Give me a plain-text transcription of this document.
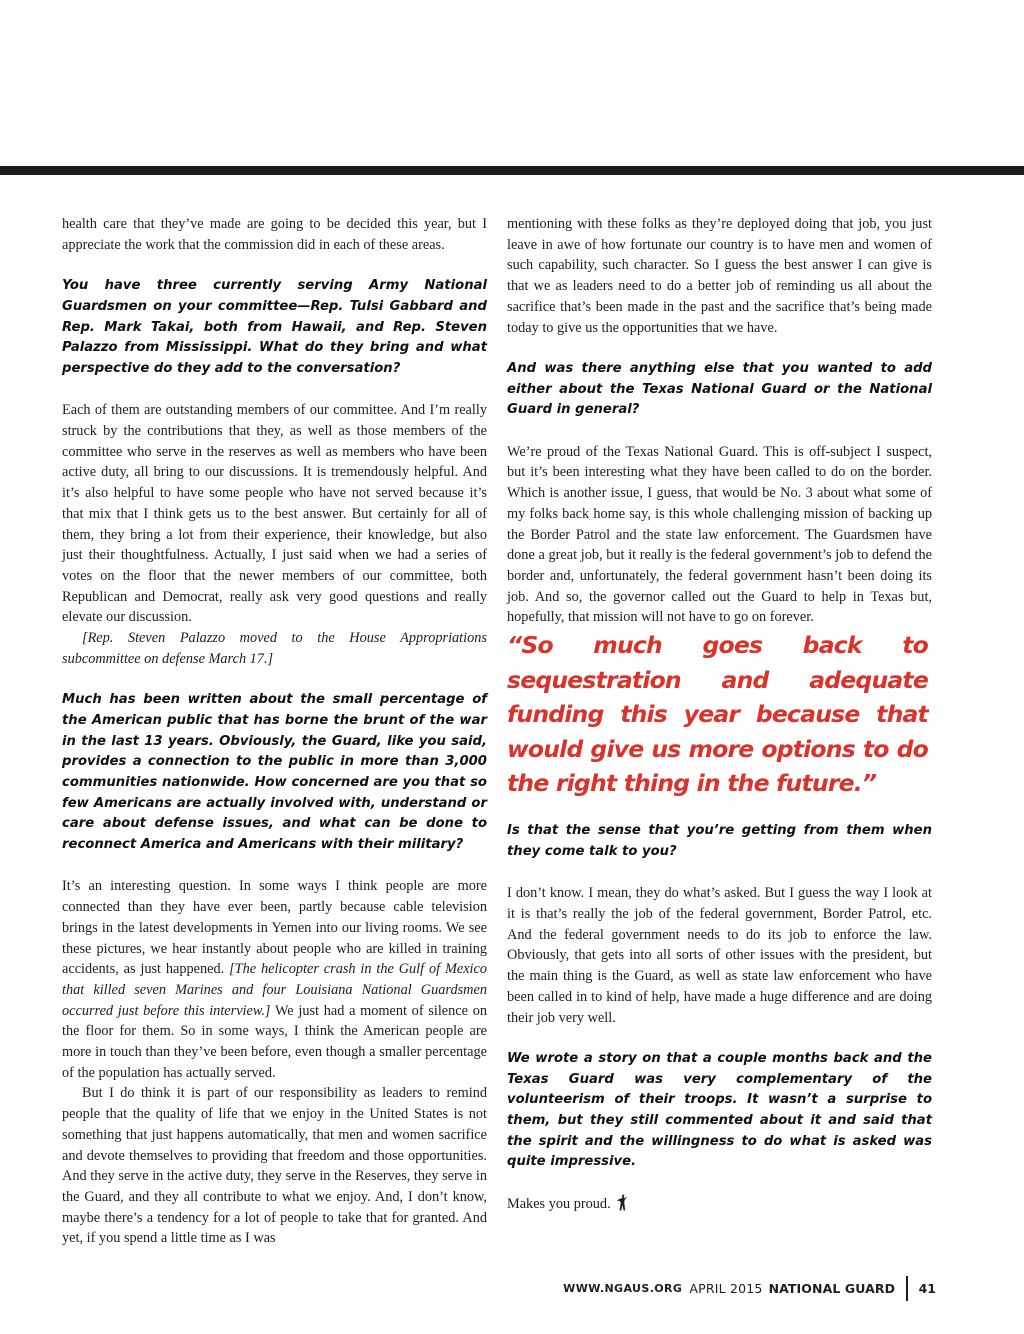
health care that they’ve made are going to be decided this year, but I appreciate the work that the commission did in each of these areas.

You have three currently serving Army National Guardsmen on your committee—Rep. Tulsi Gabbard and Rep. Mark Takai, both from Hawaii, and Rep. Steven Palazzo from Mississippi. What do they bring and what perspective do they add to the conversation?

Each of them are outstanding members of our committee. And I’m really struck by the contributions that they, as well as those members of the committee who serve in the reserves as well as members who have been active duty, all bring to our discussions. It is tremendously helpful. And it’s also helpful to have some people who have not served because it’s that mix that I think gets us to the best answer. But certainly for all of them, they bring a lot from their experience, their knowledge, but also just their thoughtfulness. Actually, I just said when we had a series of votes on the floor that the newer members of our committee, both Republican and Democrat, really ask very good questions and really elevate our discussion.

[Rep. Steven Palazzo moved to the House Appropriations subcommittee on defense March 17.]

Much has been written about the small percentage of the American public that has borne the brunt of the war in the last 13 years. Obviously, the Guard, like you said, provides a connection to the public in more than 3,000 communities nationwide. How concerned are you that so few Americans are actually involved with, understand or care about defense issues, and what can be done to reconnect America and Americans with their military?

It’s an interesting question. In some ways I think people are more connected than they have ever been, partly because cable television brings in the latest developments in Yemen into our living rooms. We see these pictures, we hear instantly about people who are killed in training accidents, as just happened. [The helicopter crash in the Gulf of Mexico that killed seven Marines and four Louisiana National Guardsmen occurred just before this interview.] We just had a moment of silence on the floor for them. So in some ways, I think the American people are more in touch than they’ve been before, even though a smaller percentage of the population has actually served.

But I do think it is part of our responsibility as leaders to remind people that the quality of life that we enjoy in the United States is not something that just happens automatically, that men and women sacrifice and devote themselves to providing that freedom and those opportunities. And they serve in the active duty, they serve in the Reserves, they serve in the Guard, and they all contribute to what we enjoy. And, I don’t know, maybe there’s a tendency for a lot of people to take that for granted. And yet, if you spend a little time as I was

mentioning with these folks as they’re deployed doing that job, you just leave in awe of how fortunate our country is to have men and women of such capability, such character. So I guess the best answer I can give is that we as leaders need to do a better job of reminding us all about the sacrifice that’s been made in the past and the sacrifice that’s being made today to give us the opportunities that we have.

And was there anything else that you wanted to add either about the Texas National Guard or the National Guard in general?

We’re proud of the Texas National Guard. This is off-subject I suspect, but it’s been interesting what they have been called to do on the border. Which is another issue, I guess, that would be No. 3 about what some of my folks back home say, is this whole challenging mission of backing up the Border Patrol and the state law enforcement. The Guardsmen have done a great job, but it really is the federal government’s job to defend the border and, unfortunately, the federal government hasn’t been doing its job. And so, the governor called out the Guard to help in Texas but, hopefully, that mission will not have to go on forever.

“So much goes back to sequestration and adequate funding this year because that would give us more options to do the right thing in the future.”

Is that the sense that you’re getting from them when they come talk to you?

I don’t know. I mean, they do what’s asked. But I guess the way I look at it is that’s really the job of the federal government, Border Patrol, etc. And the federal government needs to do its job to enforce the law. Obviously, that gets into all sorts of other issues with the president, but the main thing is the Guard, as well as state law enforcement who have been called in to kind of help, have made a huge difference and are doing their job very well.

We wrote a story on that a couple months back and the Texas Guard was very complementary of the volunteerism of their troops. It wasn’t a surprise to them, but they still commented about it and said that the spirit and the willingness to do what is asked was quite impressive.

Makes you proud.

WWW.NGAUS.ORG APRIL 2015 NATIONAL GUARD 41
